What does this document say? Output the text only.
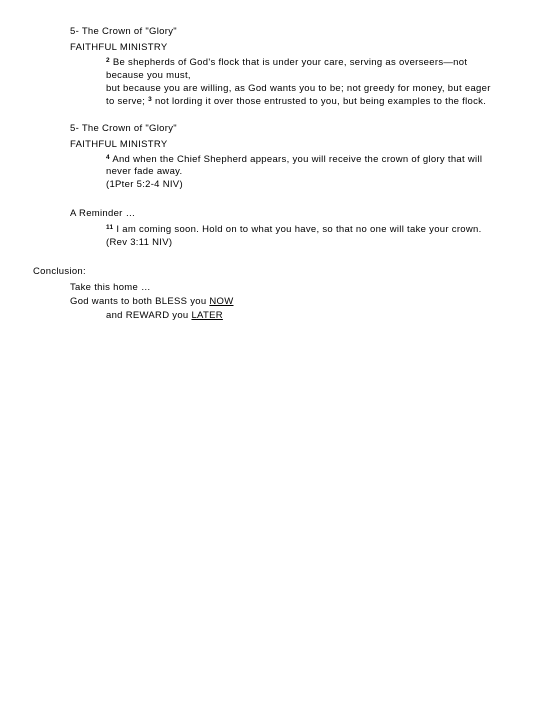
5- The Crown of "Glory"
FAITHFUL MINISTRY
$^2$ Be shepherds of God's flock that is under your care, serving as overseers—not
because you must,
but because you are willing, as God wants you to be; not greedy for money, but eager
to serve; $^3$ not lording it over those entrusted to you, but being examples to the flock.
5- The Crown of "Glory"
FAITHFUL MINISTRY
$^4$ And when the Chief Shepherd appears, you will receive the crown of glory that will
never fade away.
(1Pter 5:2-4 NIV)
A Reminder …
$^{11}$ I am coming soon. Hold on to what you have, so that no one will take your crown.
(Rev 3:11 NIV)
Conclusion:
Take this home …
God wants to both BLESS you NOW
and REWARD you LATER
